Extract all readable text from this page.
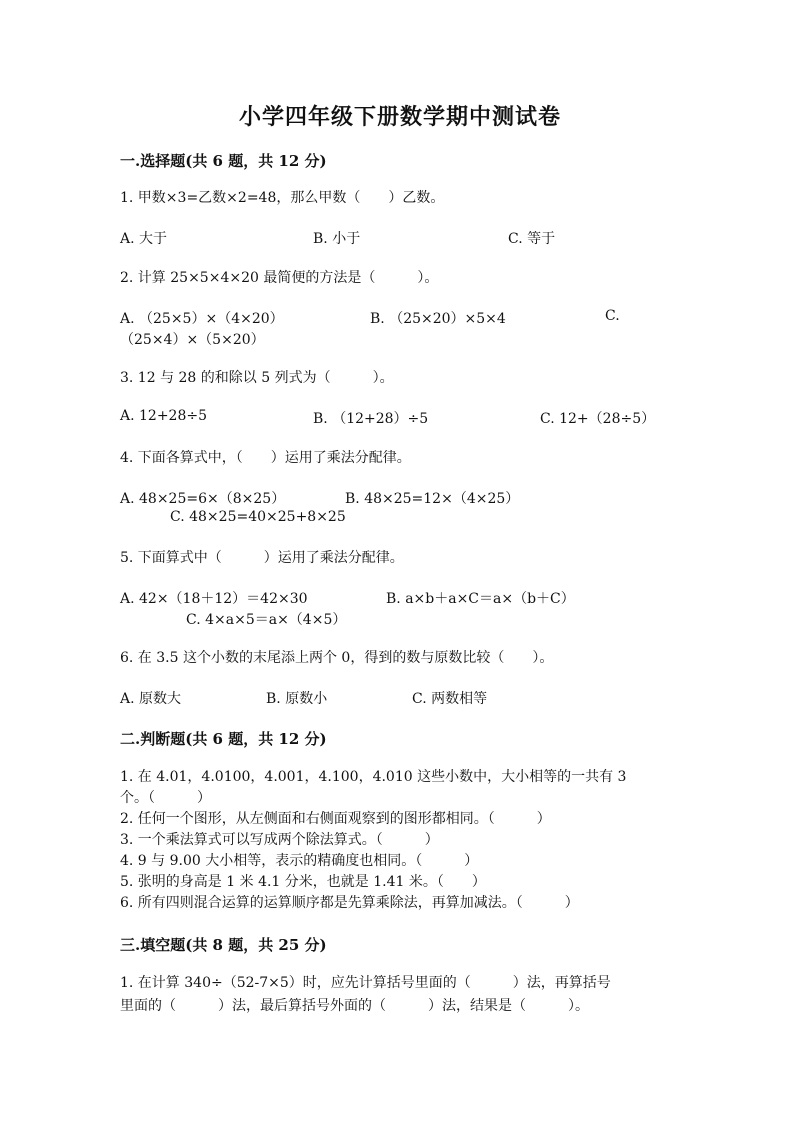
小学四年级下册数学期中测试卷
一.选择题(共 6 题，共 12 分)
1. 甲数×3=乙数×2=48，那么甲数（　　）乙数。
A. 大于	B. 小于	C. 等于
2. 计算 25×5×4×20 最简便的方法是（　　　）。
A. （25×5）×（4×20）	B. （25×20）×5×4	C.
（25×4）×（5×20）
3. 12 与 28 的和除以 5 列式为（　　　）。
A. 12+28÷5	B. （12+28）÷5	C. 12+（28÷5）
4. 下面各算式中，（　　）运用了乘法分配律。
A. 48×25=6×（8×25）	B. 48×25=12×（4×25）
C. 48×25=40×25+8×25
5. 下面算式中（　　　）运用了乘法分配律。
A. 42×（18＋12）＝42×30	B. a×b＋a×C＝a×（b＋C）
C. 4×a×5＝a×（4×5）
6. 在 3.5 这个小数的末尾添上两个 0，得到的数与原数比较（　　）。
A. 原数大	B. 原数小	C. 两数相等
二.判断题(共 6 题，共 12 分)
1. 在 4.01，4.0100，4.001，4.100，4.010 这些小数中，大小相等的一共有 3
个。（　　　）
2. 任何一个图形，从左侧面和右侧面观察到的图形都相同。（　　　）
3. 一个乘法算式可以写成两个除法算式。（　　　）
4. 9 与 9.00 大小相等，表示的精确度也相同。（　　　）
5. 张明的身高是 1 米 4.1 分米，也就是 1.41 米。（　　）
6. 所有四则混合运算的运算顺序都是先算乘除法，再算加减法。（　　　）
三.填空题(共 8 题，共 25 分)
1. 在计算 340÷（52-7×5）时，应先计算括号里面的（　　　）法，再算括号
里面的（　　　）法，最后算括号外面的（　　　）法，结果是（　　　）。
